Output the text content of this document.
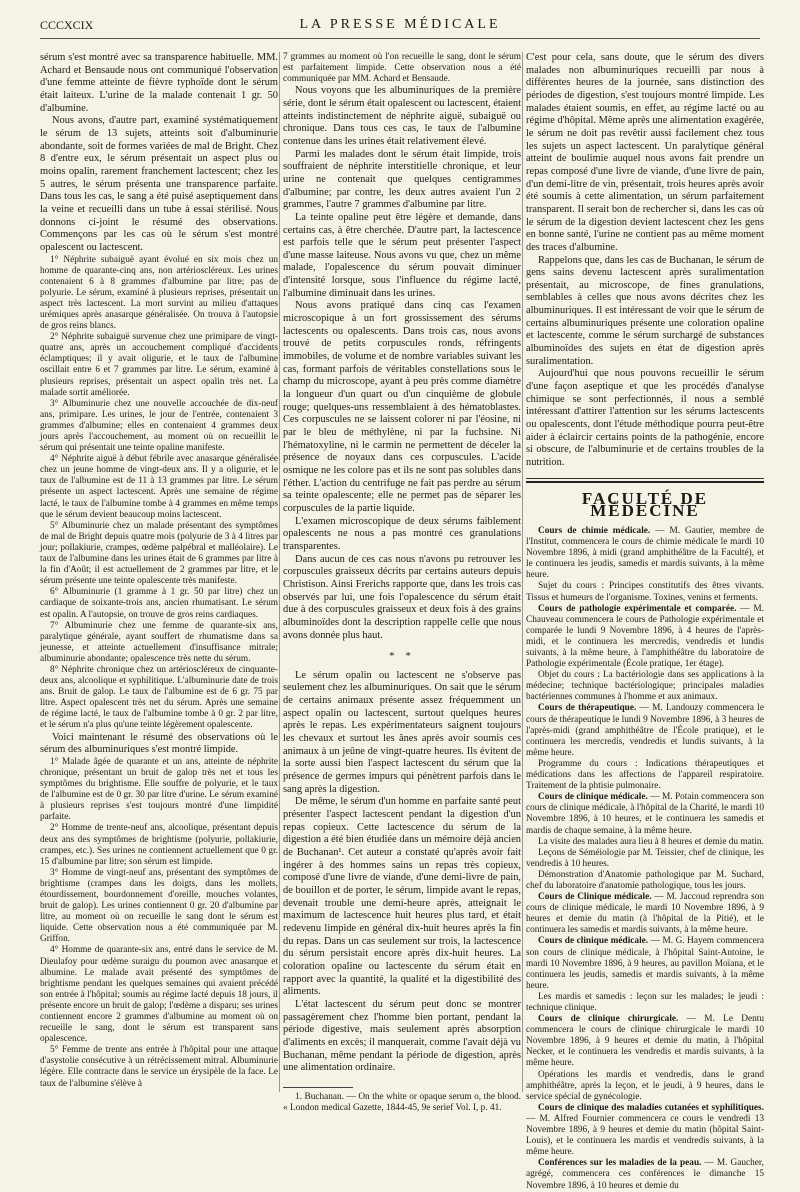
CCCXCIX	LA PRESSE MÉDICALE

sérum s'est montré avec sa transparence habituelle. MM. Achard et Bensaude nous ont communiqué l'observation d'une femme atteinte de fièvre typhoïde dont le sérum était laiteux. L'urine de la malade contenait 1 gr. 50 d'albumine.

Nous avons, d'autre part, examiné systématiquement le sérum de 13 sujets, atteints soit d'albuminurie abondante, soit de formes variées de mal de Bright. Chez 8 d'entre eux, le sérum présentait un aspect plus ou moins opalin, rarement franchement lactescent; chez les 5 autres, le sérum présenta une transparence parfaite. Dans tous les cas, le sang a été puisé aseptiquement dans la veine et recueilli dans un tube à essai stérilisé. Nous donnons ci-joint le résumé des observations. Commençons par les cas où le sérum s'est montré opalescent ou lactescent.

1° Néphrite subaiguë ayant évolué en six mois chez un homme de quarante-cinq ans, non artérioscléreux. Les urines contenaient 6 à 8 grammes d'albumine par litre; pas de polyurie. Le sérum, examiné à plusieurs reprises, présentait un aspect très lactescent. La mort survint au milieu d'attaques urémiques après anasarque généralisée. On trouva à l'autopsie de gros reins blancs.

2° Néphrite subaiguë survenue chez une primipare de vingt-quatre ans, après un accouchement compliqué d'accidents éclamptiques; il y avait oligurie, et le taux de l'albumine oscillait entre 6 et 7 grammes par litre. Le sérum, examiné à plusieurs reprises, présentait un aspect opalin très net. La malade sortit améliorée.

3° Albuminurie chez une nouvelle accouchée de dix-neuf ans, primipare. Les urines, le jour de l'entrée, contenaient 3 grammes d'albumine; elles en contenaient 4 grammes deux jours après l'accouchement, au moment où on recueillit le sérum qui présentait une teinte opaline manifeste.

4° Néphrite aiguë à début fébrile avec anasarque généralisée chez un jeune homme de vingt-deux ans. Il y a oligurie, et le taux de l'albumine est de 11 à 13 grammes par litre. Le sérum présente un aspect lactescent. Après une semaine de régime lacté, le taux de l'albumine tombe à 4 grammes en même temps que le sérum devient beaucoup moins lactescent.

5° Albuminurie chez un malade présentant des symptômes de mal de Bright depuis quatre mois (polyurie de 3 à 4 litres par jour; pollakiurie, crampes, œdème palpébral et malléolaire). Le taux de l'albumine dans les urines était de 6 grammes par litre à la fin d'Août; il est actuellement de 2 grammes par litre, et le sérum présente une teinte opalescente très manifeste.

6° Albuminurie (1 gramme à 1 gr. 50 par litre) chez un cardiaque de soixante-trois ans, ancien rhumatisant. Le sérum est opalin. A l'autopsie, on trouve de gros reins cardiaques.

7° Albuminurie chez une femme de quarante-six ans, paralytique générale, ayant souffert de rhumatisme dans sa jeunesse, et atteinte actuellement d'insuffisance mitrale; albuminurie abondante; opalescence très nette du sérum.

8° Néphrite chronique chez un artérioscléreux de cinquante-deux ans, alcoolique et syphilitique. L'albuminurie date de trois ans. Bruit de galop. Le taux de l'albumine est de 6 gr. 75 par litre. Aspect opalescent très net du sérum. Après une semaine de régime lacté, le taux de l'albumine tombe à 0 gr. 2 par litre, et le sérum n'a plus qu'une teinte légèrement opalescente.

Voici maintenant le résumé des observations où le sérum des albuminuriques s'est montré limpide.

1° Malade âgée de quarante et un ans, atteinte de néphrite chronique, présentant un bruit de galop très net et tous les symptômes du brightisme. Elle souffre de polyurie, et le taux de l'albumine est de 0 gr. 30 par litre d'urine. Le sérum examiné à plusieurs reprises s'est toujours montré d'une limpidité parfaite.

2° Homme de trente-neuf ans, alcoolique, présentant depuis deux ans des symptômes de brightisme (polyurie, pollakiurie, crampes, etc.). Ses urines ne contiennent actuellement que 0 gr. 15 d'albumine par litre; son sérum est limpide.

3° Homme de vingt-neuf ans, présentant des symptômes de brightisme (crampes dans les doigts, dans les mollets, étourdissement, bourdonnement d'oreille, mouches volantes, bruit de galop). Les urines contiennent 0 gr. 20 d'albumine par litre, au moment où on recueille le sang dont le sérum est liquide. Cette observation nous a été communiquée par M. Griffon.

4° Homme de quarante-six ans, entré dans le service de M. Dieulafoy pour œdème suraigu du poumon avec anasarque et albumine. Le malade avait présenté des symptômes de brightisme pendant les quelques semaines qui avaient précédé son entrée à l'hôpital; soumis au régime lacté depuis 18 jours, il présente encore un bruit de galop; l'œdème a disparu; ses urines contiennent encore 2 grammes d'albumine au moment où on recueille le sang, dont le sérum est transparent sans opalescence.

5° Femme de trente ans entrée à l'hôpital pour une attaque d'asystolie consécutive à un rétrécissement mitral. Albuminurie légère. Elle contracte dans le service un érysipèle de la face. Le taux de l'albumine s'élève à

7 grammes au moment où l'on recueille le sang, dont le sérum est parfaitement limpide. Cette observation nous a été communiquée par MM. Achard et Bensaude.

Nous voyons que les albuminuriques de la première série, dont le sérum était opalescent ou lactescent, étaient atteints indistinctement de néphrite aiguë, subaiguë ou chronique. Dans tous ces cas, le taux de l'albumine contenue dans les urines était relativement élevé.

Parmi les malades dont le sérum était limpide, trois souffraient de néphrite interstitielle chronique, et leur urine ne contenait que quelques centigrammes d'albumine; par contre, les deux autres avaient l'un 2 grammes, l'autre 7 grammes d'albumine par litre.

La teinte opaline peut être légère et demande, dans certains cas, à être cherchée. D'autre part, la lactescence est parfois telle que le sérum peut présenter l'aspect d'une masse laiteuse. Nous avons vu que, chez un même malade, l'opalescence du sérum pouvait diminuer d'intensité lorsque, sous l'influence du régime lacté, l'albumine diminuait dans les urines.

Nous avons pratiqué dans cinq cas l'examen microscopique à un fort grossissement des sérums lactescents ou opalescents. Dans trois cas, nous avons trouvé de petits corpuscules ronds, réfringents immobiles, de volume et de nombre variables suivant les cas, formant parfois de véritables constellations sous le champ du microscope, ayant à peu près comme diamètre la longueur d'un quart ou d'un cinquième de globule rouge; quelques-uns ressemblaient à des hématoblastes. Ces corpuscules ne se laissent colorer ni par l'éosine, ni par le bleu de méthylène, ni par la fuchsine. Ni l'hématoxyline, ni le carmin ne permettent de déceler la présence de noyaux dans ces corpuscules. L'acide osmique ne les colore pas et ils ne sont pas solubles dans l'éther. L'action du centrifuge ne fait pas perdre au sérum sa teinte opalescente; elle ne permet pas de séparer les corpuscules de la partie liquide.

L'examen microscopique de deux sérums faiblement opalescents ne nous a pas montré ces granulations transparentes.

Dans aucun de ces cas nous n'avons pu retrouver les corpuscules graisseux décrits par certains auteurs depuis Christison. Ainsi Frerichs rapporte que, dans les trois cas observés par lui, une fois l'opalescence du sérum était due à des corpuscules graisseux et deux fois à des grains albuminoïdes dont la description rappelle celle que nous avons donnée plus haut.

* *

Le sérum opalin ou lactescent ne s'observe pas seulement chez les albuminuriques. On sait que le sérum de certains animaux présente assez fréquemment un aspect opalin ou lactescent, surtout quelques heures après le repas. Les expérimentateurs saignent toujours les chevaux et surtout les ânes après avoir soumis ces animaux à un jeûne de vingt-quatre heures. Ils évitent de la sorte aussi bien l'aspect lactescent du sérum que la présence de germes impurs qui pénètrent parfois dans le sang après la digestion.

De même, le sérum d'un homme en parfaite santé peut présenter l'aspect lactescent pendant la digestion d'un repas copieux. Cette lactescence du sérum de la digestion a été bien étudiée dans un mémoire déjà ancien de Buchanan¹. Cet auteur a constaté qu'après avoir fait ingérer à des hommes sains un repas très copieux, composé d'une livre de viande, d'une demi-livre de pain, de bouillon et de porter, le sérum, limpide avant le repas, devenait trouble une demi-heure après, atteignait le maximum de lactescence huit heures plus tard, et était redevenu limpide en général dix-huit heures après la fin du repas. Dans un cas seulement sur trois, la lactescence du sérum persistait encore après dix-huit heures. La coloration opaline ou lactescente du sérum était en rapport avec la quantité, la qualité et la digestibilité des aliments.

L'état lactescent du sérum peut donc se montrer passagèrement chez l'homme bien portant, pendant la période digestive, mais seulement après absorption d'aliments en excès; il manquerait, comme l'avait déjà vu Buchanan, même pendant la période de digestion, après une alimentation ordinaire.

1. Buchanan. — On the white or opaque serum o, the blood. « London medical Gazette, 1844-45, 9e serief Vol. I, p. 41.

C'est pour cela, sans doute, que le sérum des divers malades non albuminuriques recueilli par nous à différentes heures de la journée, sans distinction des périodes de digestion, s'est toujours montré limpide. Les malades étaient soumis, en effet, au régime lacté ou au régime d'hôpital. Même après une alimentation exagérée, le sérum ne doit pas revêtir aussi facilement chez tous les sujets un aspect lactescent. Un paralytique général atteint de boulimie auquel nous avons fait prendre un repas composé d'une livre de viande, d'une livre de pain, d'un demi-litre de vin, présentait, trois heures après avoir été soumis à cette alimentation, un sérum parfaitement transparent. Il serait bon de rechercher si, dans les cas où le sérum de la digestion devient lactescent chez les gens en bonne santé, l'urine ne contient pas au même moment des traces d'albumine.

Rappelons que, dans les cas de Buchanan, le sérum de gens sains devenu lactescent après suralimentation présentait, au microscope, de fines granulations, semblables à celles que nous avons décrites chez les albuminuriques. Il est intéressant de voir que le sérum de certains albuminuriques présente une coloration opaline et lactescente, comme le sérum surchargé de substances albuminoïdes des sujets en état de digestion après suralimentation.

Aujourd'hui que nous pouvons recueillir le sérum d'une façon aseptique et que les procédés d'analyse chimique se sont perfectionnés, il nous a semblé intéressant d'attirer l'attention sur les sérums lactescents ou opalescents, dont l'étude méthodique pourra peut-être aider à éclaircir certains points de la pathogénie, encore si obscure, de l'albuminurie et de certains troubles de la nutrition.

FACULTÉ DE MÉDECINE

Cours de chimie médicale. — M. Gautier, membre de l'Institut, commencera le cours de chimie médicale le mardi 10 Novembre 1896, à midi (grand amphithéâtre de la Faculté), et le continuera les jeudis, samedis et mardis suivants, à la même heure.

Sujet du cours : Principes constitutifs des êtres vivants. Tissus et humeurs de l'organisme. Toxines, venins et ferments.

Cours de pathologie expérimentale et comparée. — M. Chauveau commencera le cours de Pathologie expérimentale et comparée le lundi 9 Novembre 1896, à 4 heures de l'après-midi, et le continuera les mercredis, vendredis et lundis suivants, à la même heure, à l'amphithéâtre du laboratoire de Pathologie expérimentale (École pratique, 1er étage).

Objet du cours : La bactériologie dans ses applications à la médecine; technique bactériologique; principales maladies bactériennes communes à l'homme et aux animaux.

Cours de thérapeutique. — M. Landouzy commencera le cours de thérapeutique le lundi 9 Novembre 1896, à 3 heures de l'après-midi (grand amphithéâtre de l'École pratique), et le continuera les mercredis, vendredis et lundis suivants, à la même heure.

Programme du cours : Indications thérapeutiques et médications dans les affections de l'appareil respiratoire. Traitement de la phtisie pulmonaire.

Cours de clinique médicale. — M. Potain commencera son cours de clinique médicale, à l'hôpital de la Charité, le mardi 10 Novembre 1896, à 10 heures, et le continuera les samedis et mardis de chaque semaine, à la même heure.

La visite des malades aura lieu à 8 heures et demie du matin.

Leçons de Séméiologie par M. Teissier, chef de clinique, les vendredis à 10 heures.

Démonstration d'Anatomie pathologique par M. Suchard, chef du laboratoire d'anatomie pathologique, tous les jours.

Cours de Clinique médicale. — M. Jaccoud reprendra son cours de clinique médicale, le mardi 10 Novembre 1896, à 9 heures et demie du matin (à l'hôpital de la Pitié), et le continuera les samedis et mardis suivants, à la même heure.

Cours de clinique médicale. — M. G. Hayem commencera son cours de clinique médicale, à l'hôpital Saint-Antoine, le mardi 10 Novembre 1896, à 9 heures, au pavillon Moïana, et le continuera les jeudis, samedis et mardis suivants, à la même heure.

Les mardis et samedis : leçon sur les malades; le jeudi : technique clinique.

Cours de clinique chirurgicale. — M. Le Dentu commencera le cours de clinique chirurgicale le mardi 10 Novembre 1896, à 9 heures et demie du matin, à l'hôpital Necker, et le continuera les vendredis et mardis suivants, à la même heure.

Opérations les mardis et vendredis, dans le grand amphithéâtre, après la leçon, et le jeudi, à 9 heures, dans le service spécial de gynécologie.

Cours de clinique des maladies cutanées et syphilitiques. — M. Alfred Fournier commencera ce cours le vendredi 13 Novembre 1896, à 9 heures et demie du matin (hôpital Saint-Louis), et le continuera les mardis et vendredis suivants, à la même heure.

Conférences sur les maladies de la peau. — M. Gaucher, agrégé, commencera ces conférences le dimanche 15 Novembre 1896, à 10 heures et demie du
